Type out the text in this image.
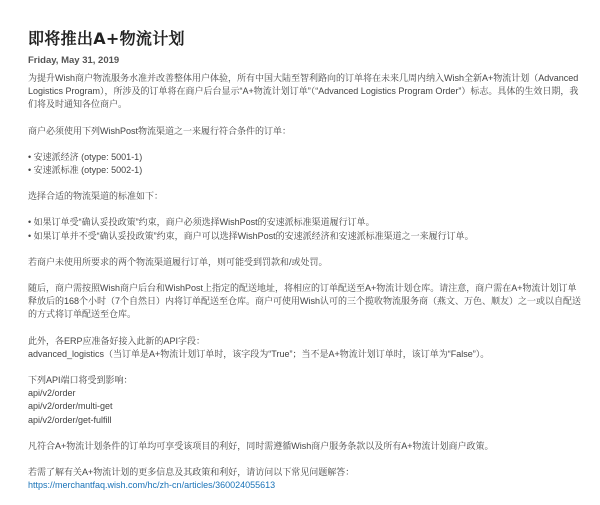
即将推出A+物流计划
Friday, May 31, 2019

为提升Wish商户物流服务水准并改善整体用户体验，所有中国大陆至智利路向的订单将在未来几周内纳入Wish全新A+物流计划（Advanced Logistics Program），所涉及的订单将在商户后台显示“A+物流计划订单”（“Advanced Logistics Program Order”）标志。具体的生效日期，我们将及时通知各位商户。

商户必须使用下列WishPost物流渠道之一来履行符合条件的订单：
• 安速派经济 (otype: 5001-1)
• 安速派标准 (otype: 5002-1)

选择合适的物流渠道的标准如下：
• 如果订单受“确认妥投政策”约束，商户必须选择WishPost的安速派标准渠道履行订单。
• 如果订单并不受“确认妥投政策”约束，商户可以选择WishPost的安速派经济和安速派标准渠道之一来履行订单。

若商户未使用所要求的两个物流渠道履行订单，则可能受到罚款和/或处罚。

随后，商户需按照Wish商户后台和WishPost上指定的配送地址，将相应的订单配送至A+物流计划仓库。请注意，商户需在A+物流计划订单释放后的168个小时（7个自然日）内将订单配送至仓库。商户可使用Wish认可的三个揽收物流服务商（燕文、万色、顺友）之一或以自配送的方式将订单配送至仓库。

此外，各ERP应准备好接入此新的API字段：
advanced_logistics（当订单是A+物流计划订单时，该字段为“True”；当不是A+物流计划订单时，该订单为“False”）。

下列API端口将受到影响：
api/v2/order
api/v2/order/multi-get
api/v2/order/get-fulfill

凡符合A+物流计划条件的订单均可享受该项目的利好，同时需遵循Wish商户服务条款以及所有A+物流计划商户政策。

若需了解有关A+物流计划的更多信息及其政策和利好，请访问以下常见问题解答：
https://merchantfaq.wish.com/hc/zh-cn/articles/360024055613
